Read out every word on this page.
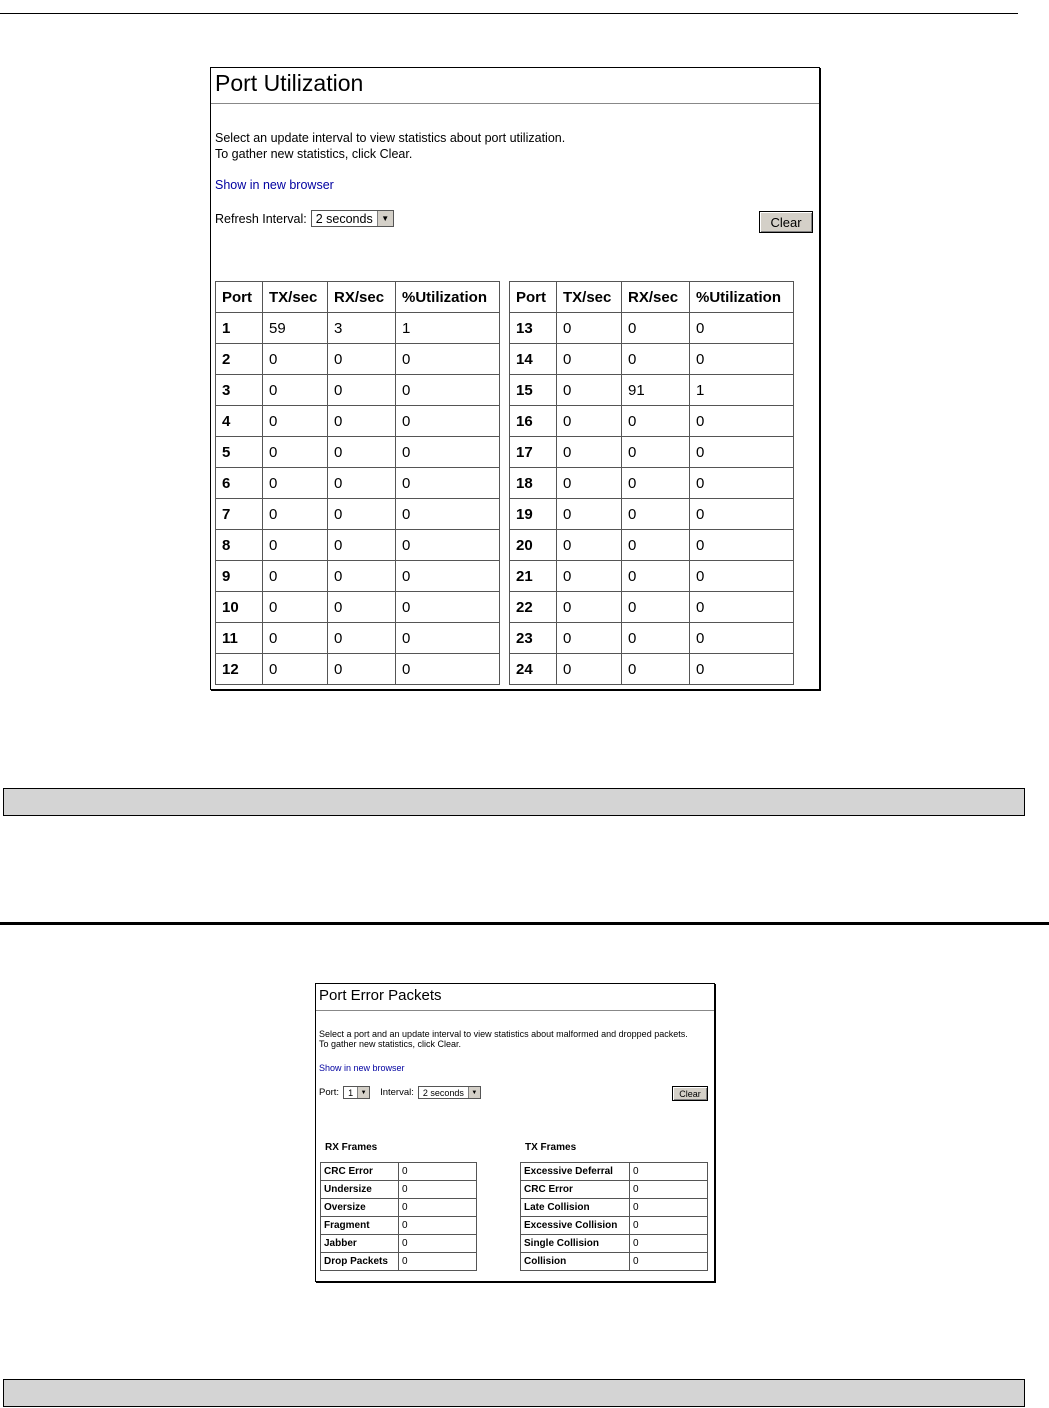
Port Utilization
Select an update interval to view statistics about port utilization.
To gather new statistics, click Clear.
Show in new browser
Refresh Interval: 2 seconds	▼	Clear
Port	TX/sec	RX/sec	%Utilization
1	59	3	1
2	0	0	0
3	0	0	0
4	0	0	0
5	0	0	0
6	0	0	0
7	0	0	0
8	0	0	0
9	0	0	0
10	0	0	0
11	0	0	0
12	0	0	0
Port	TX/sec	RX/sec	%Utilization
13	0	0	0
14	0	0	0
15	0	91	1
16	0	0	0
17	0	0	0
18	0	0	0
19	0	0	0
20	0	0	0
21	0	0	0
22	0	0	0
23	0	0	0
24	0	0	0
Port Error Packets
Select a port and an update interval to view statistics about malformed and dropped packets.
To gather new statistics, click Clear.
Show in new browser
Port:	1	▼ Interval:	2 seconds	▼	Clear
RX Frames	TX Frames
CRC Error	0
Undersize	0
Oversize	0
Fragment	0
Jabber	0
Drop Packets	0
Excessive Deferral	0
CRC Error	0
Late Collision	0
Excessive Collision	0
Single Collision	0
Collision	0
